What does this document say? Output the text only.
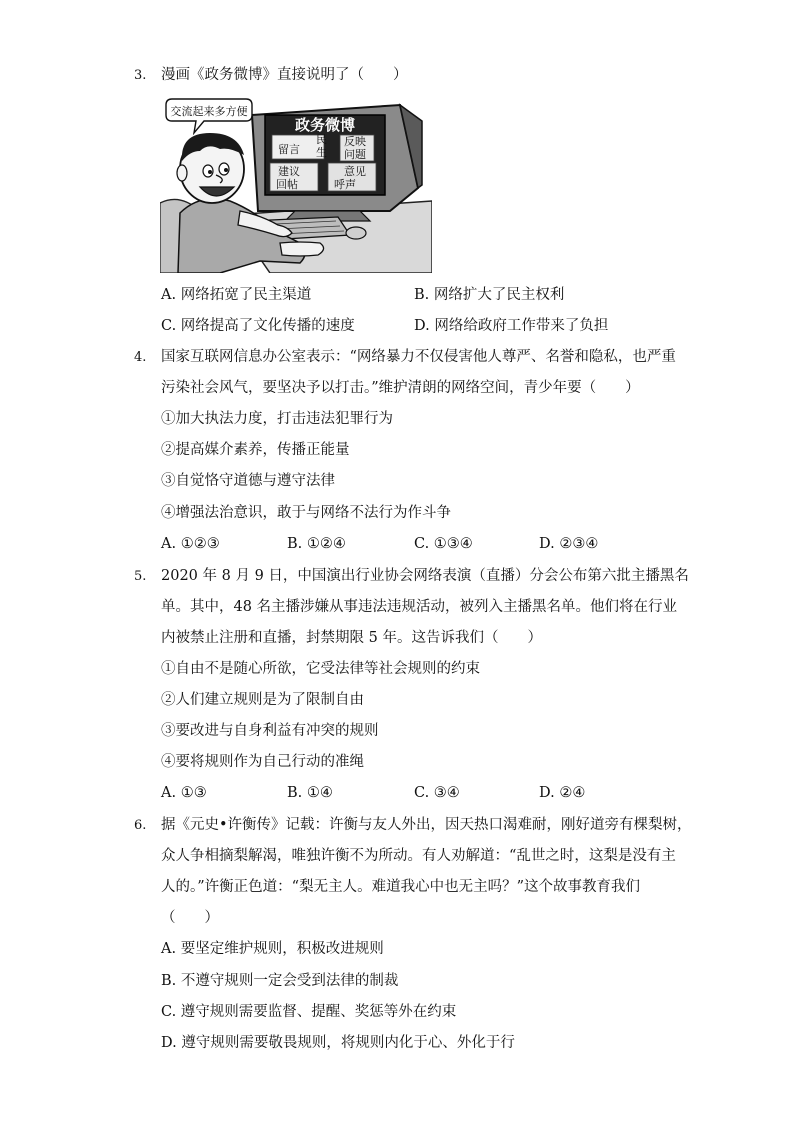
3. 漫画《政务微博》直接说明了（　　）
政务微博
留言
民
生
反映
问题
建议
回帖
意见
呼声
交流起来多方便
A. 网络拓宽了民主渠道	B. 网络扩大了民主权利
C. 网络提高了文化传播的速度	D. 网络给政府工作带来了负担
4. 国家互联网信息办公室表示：“网络暴力不仅侵害他人尊严、名誉和隐私，也严重
污染社会风气，要坚决予以打击。”维护清朗的网络空间，青少年要（　　）
①加大执法力度，打击违法犯罪行为
②提高媒介素养，传播正能量
③自觉恪守道德与遵守法律
④增强法治意识，敢于与网络不法行为作斗争
A. ①②③	B. ①②④	C. ①③④	D. ②③④
5. 2020 年 8 月 9 日，中国演出行业协会网络表演（直播）分会公布第六批主播黑名
单。其中，48 名主播涉嫌从事违法违规活动，被列入主播黑名单。他们将在行业
内被禁止注册和直播，封禁期限 5 年。这告诉我们（　　）
①自由不是随心所欲，它受法律等社会规则的约束
②人们建立规则是为了限制自由
③要改进与自身利益有冲突的规则
④要将规则作为自己行动的准绳
A. ①③	B. ①④	C. ③④	D. ②④
6. 据《元史•许衡传》记载：许衡与友人外出，因天热口渴难耐，刚好道旁有棵梨树，
众人争相摘梨解渴，唯独许衡不为所动。有人劝解道：“乱世之时，这梨是没有主
人的。”许衡正色道：“梨无主人。难道我心中也无主吗？”这个故事教育我们
（　　）
A. 要坚定维护规则，积极改进规则
B. 不遵守规则一定会受到法律的制裁
C. 遵守规则需要监督、提醒、奖惩等外在约束
D. 遵守规则需要敬畏规则，将规则内化于心、外化于行
